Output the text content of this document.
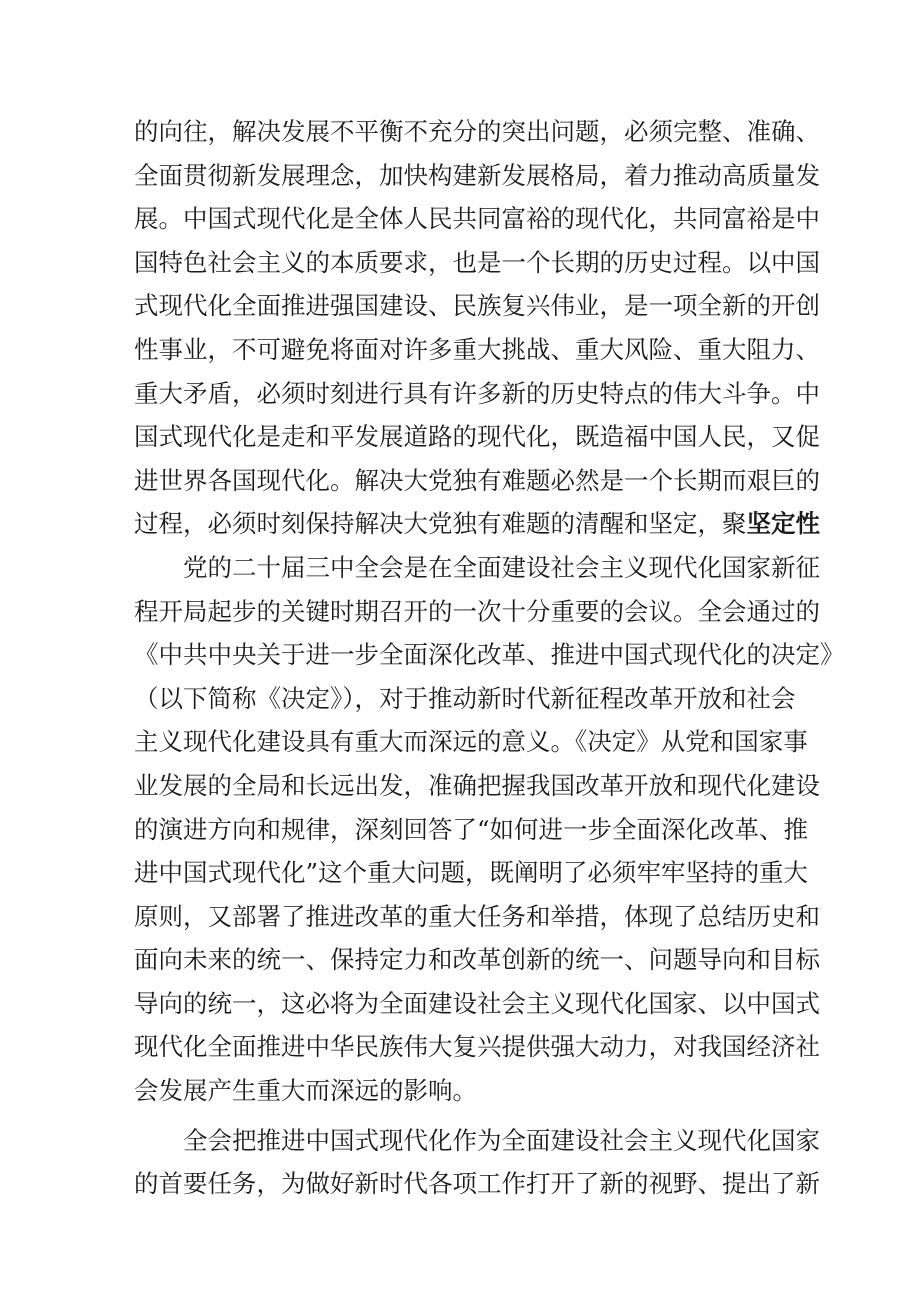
的向往，解决发展不平衡不充分的突出问题，必须完整、准确、
全面贯彻新发展理念，加快构建新发展格局，着力推动高质量发
展。中国式现代化是全体人民共同富裕的现代化，共同富裕是中
国特色社会主义的本质要求，也是一个长期的历史过程。以中国
式现代化全面推进强国建设、民族复兴伟业，是一项全新的开创
性事业，不可避免将面对许多重大挑战、重大风险、重大阻力、
重大矛盾，必须时刻进行具有许多新的历史特点的伟大斗争。中
国式现代化是走和平发展道路的现代化，既造福中国人民，又促
进世界各国现代化。解决大党独有难题必然是一个长期而艰巨的
过程，必须时刻保持解决大党独有难题的清醒和坚定，聚坚定性
党的二十届三中全会是在全面建设社会主义现代化国家新征
程开局起步的关键时期召开的一次十分重要的会议。全会通过的
《中共中央关于进一步全面深化改革、推进中国式现代化的决定》
（以下简称《决定》），对于推动新时代新征程改革开放和社会
主义现代化建设具有重大而深远的意义。《决定》从党和国家事
业发展的全局和长远出发，准确把握我国改革开放和现代化建设
的演进方向和规律，深刻回答了“如何进一步全面深化改革、推
进中国式现代化”这个重大问题，既阐明了必须牢牢坚持的重大
原则，又部署了推进改革的重大任务和举措，体现了总结历史和
面向未来的统一、保持定力和改革创新的统一、问题导向和目标
导向的统一，这必将为全面建设社会主义现代化国家、以中国式
现代化全面推进中华民族伟大复兴提供强大动力，对我国经济社
会发展产生重大而深远的影响。
全会把推进中国式现代化作为全面建设社会主义现代化国家
的首要任务，为做好新时代各项工作打开了新的视野、提出了新
